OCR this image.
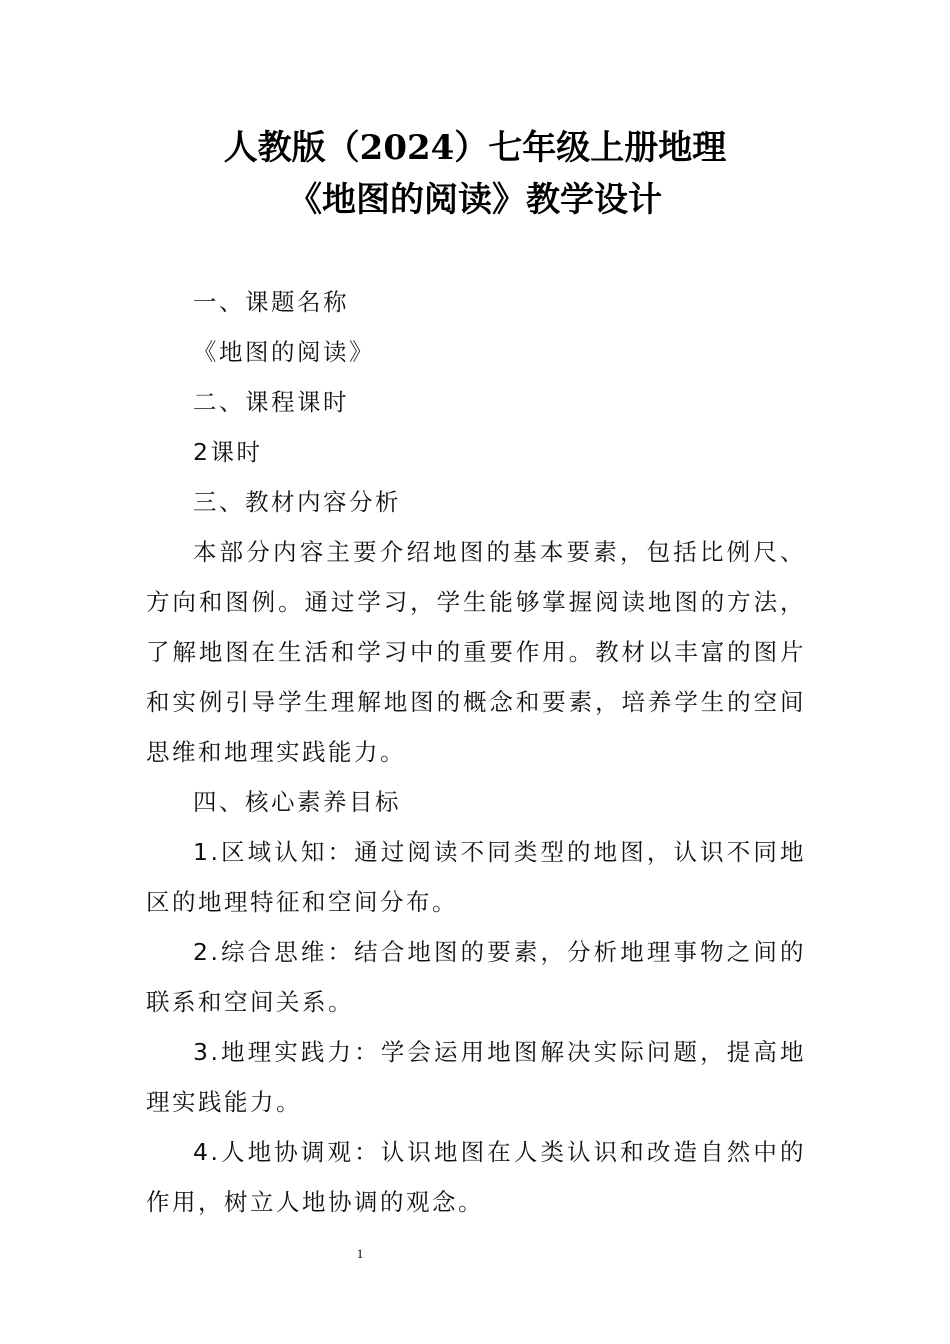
人教版（2024）七年级上册地理
《地图的阅读》教学设计

一、课题名称

《地图的阅读》

二、课程课时

2课时

三、教材内容分析

本部分内容主要介绍地图的基本要素，包括比例尺、方向和图例。通过学习，学生能够掌握阅读地图的方法，了解地图在生活和学习中的重要作用。教材以丰富的图片和实例引导学生理解地图的概念和要素，培养学生的空间思维和地理实践能力。

四、核心素养目标

1.区域认知：通过阅读不同类型的地图，认识不同地区的地理特征和空间分布。

2.综合思维：结合地图的要素，分析地理事物之间的联系和空间关系。

3.地理实践力：学会运用地图解决实际问题，提高地理实践能力。

4.人地协调观：认识地图在人类认识和改造自然中的作用，树立人地协调的观念。

1
